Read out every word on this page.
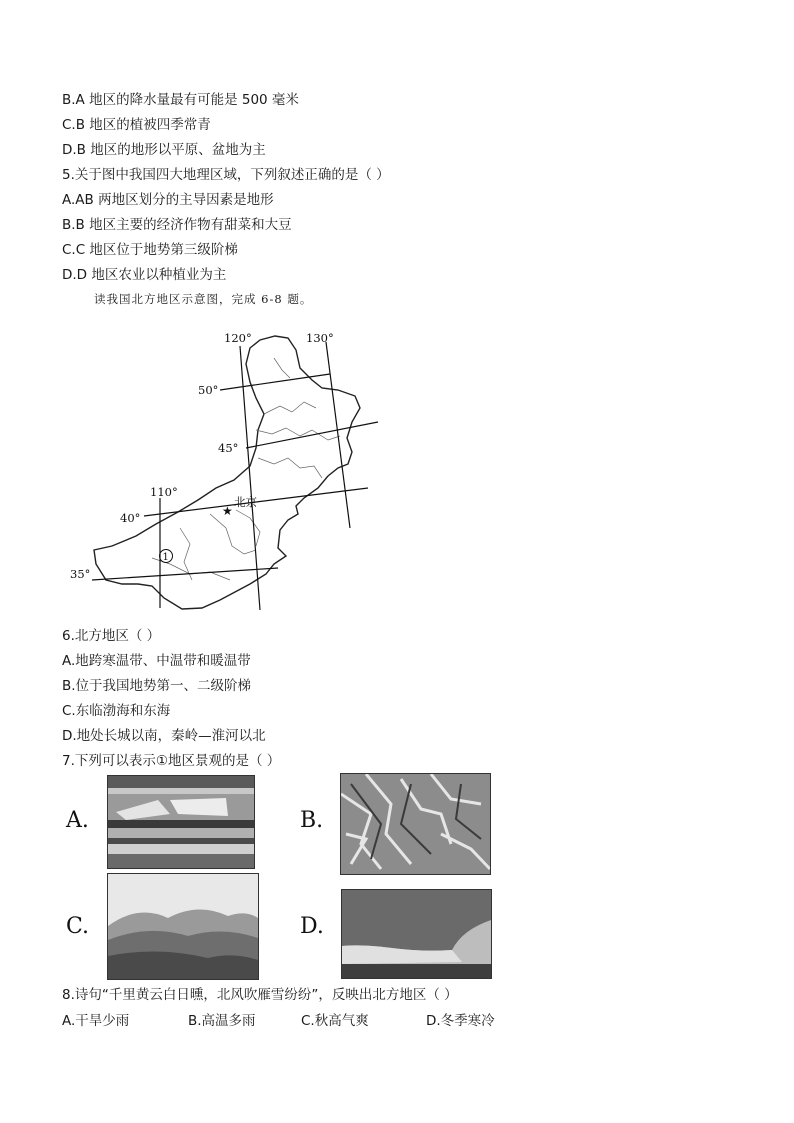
B.A 地区的降水量最有可能是 500 毫米
C.B 地区的植被四季常青
D.B 地区的地形以平原、盆地为主
5.关于图中我国四大地理区域，下列叙述正确的是（ ）
A.AB 两地区划分的主导因素是地形
B.B 地区主要的经济作物有甜菜和大豆
C.C 地区位于地势第三级阶梯
D.D 地区农业以种植业为主
读我国北方地区示意图，完成 6-8 题。
120°	130°
110°
50°
45°
40°
35°
★
北京
1
6.北方地区（ ）
A.地跨寒温带、中温带和暖温带
B.位于我国地势第一、二级阶梯
C.东临渤海和东海
D.地处长城以南，秦岭—淮河以北
7.下列可以表示①地区景观的是（ ）
A.	B.
C.	D.
8.诗句“千里黄云白日曛，北风吹雁雪纷纷”，反映出北方地区（ ）
A.干旱少雨	B.高温多雨	C.秋高气爽	D.冬季寒冷
